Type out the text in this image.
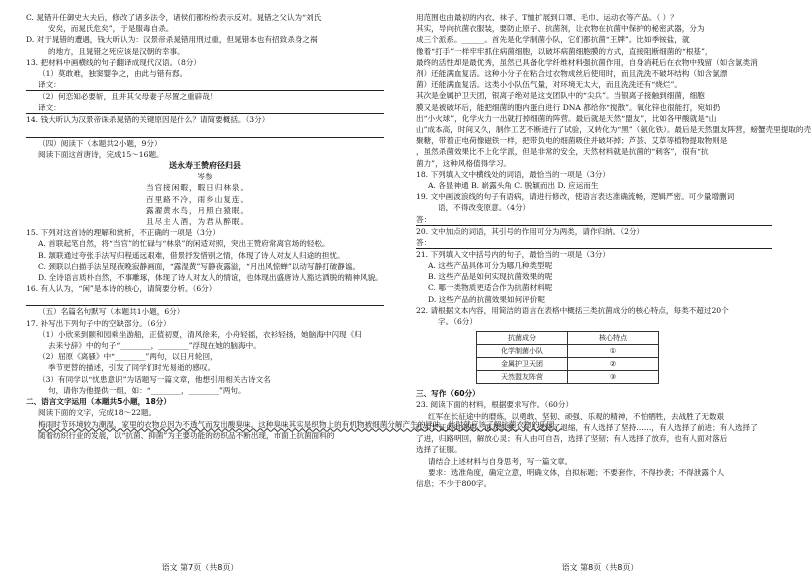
C. 晁错升任御史大夫后，修改了诸多法令，诸侯们都纷纷表示反对。晁错之父认为“刘氏
安矣，而晁氏危矣”，于是服毒自杀。
D. 对于晁错的遭遇，钱大昕认为：汉景帝杀晁错用刑过重，但晁错本也有招致杀身之祸
的地方，且晁错之死应该是汉朝的幸事。
13. 把材料中画横线的句子翻译成现代汉语。（8分）
（1）莫敢难，独窦婴争之，由此与错有郄。
译文：
（2）何恋知必要斩，且并其父母妻子尽置之重辟哉！
译文：
14. 钱大昕认为汉景帝诛杀晁错的关键原因是什么？请简要概括。（3分）
（四）阅读下（本题共2小题，9分）
阅读下面这首唐诗，完成15～16题。
送永寿王赞府径归县
岑参
当官接闲暇，暇日归林泉。
百里路不冷，雨乡山复连。
露濯黄水鸟，月照白猿眠。
且尽主人酒，为君从醉眠。
15. 下列对这首诗的理解和赏析，不正确的一项是（3分）
A. 首联起笔自然，将“当官”的忙碌与“林泉”的闲适对照，突出王赞府常离官场的轻松。
B. 颔联通过夸张手法写归程遥远艰难，借景抒发惜别之情，体现了诗人对友人归途的担忧。
C. 颈联以白描手法呈现夜晚寂静画面，“露湿黄”写静夜露溢，“月出风惊蝉”以动写静打破静谧。
D. 全诗语言质朴自然，不事雕琢，体现了诗人对友人的情谊，也体现出盛唐诗人豁达洒脱的精神风貌。
16. 有人认为，“闲”是本诗的核心，请简要分析。（6分）
（五）名篇名句默写（本题共1小题，6分）
17. 补写出下列句子中的空缺部分。（6分）
（1）小欣来到颐和园乘坐游船，正值初夏，清风徐来，小舟轻摇，衣衫轻扬，她脑海中闪现《归
去来兮辞》中的句子“________，________”浮现在她的脑海中。
（2）屈原《离骚》中“________”两句，以日月轮回，
季节更替的描述，引发了同学们时光易逝的感叹。
（3）有同学以“忧患意识”为话题写一篇文章，他想引用相关古诗文名
句，请你为他提供一组，如：“________，________”两句。
二、语言文字运用（本题共5小题，18分）
阅读下面的文字，完成18～22题。
梅雨时节环境较为潮湿，家里的衣物总因为不透气而发出酸臭味。这种臭味其实是织物上的有机物被细菌分解产生的异味，此时就应该了解抗菌衣物的乐园。
随着纺织行业的发展，以“抗菌、抑菌”为主要功能的纺织品不断出现，市面上抗菌面料的
语文 第7页（共8页）
用范围也由最初的内衣、袜子、T恤扩展到口罩、毛巾、运动衣等产品。（ ）？
其实，导向抗菌衣服装，要防止原子、抗菌剂，让衣物在抗菌中保护的秘密武器，分为
成三个派系。______。首先是化学制菌小队，它们都抗菌“王牌”。比如季铵盐，就
像着“打手”一样牢牢抓住病菌细胞，以破坏病菌细胞膜的方式，直接阻断细菌的“根基”，
最终的活性却是最优秀，虽然已具备化学纤维材料强抗菌作用，自身消耗后在衣物中残留（如含氯类消
剂）还能满血复活。这种小分子在粘合过衣物成丝后使用时，而且洗洗不破坏结构（如含氯漂
菌）还能满血复活。这类小小队伍气量，对环境无太大，而且洗洗还有“烧烂”。
其次是金属护卫天团，银离子绝对是这支团队中的“尖兵”。当银离子接触到细菌，细胞
膜又是被破坏后，能把细菌的胞内蛋白进行 DNA 都给你“搅散”。氧化锌也很能打，宛如扔
出“小火球”，化学火力一出就打掉细菌的阵营。最后就是天然“盟友”，比如各甲酸就是“山
山”成本高，时间又久，制作工艺不断进行了试验，又转化为“黑”（氨化铁）。最后是天然盟友阵营，螃蟹壳里提取的壳
聚糖，带着正电荷像磁铁一样，把带负电的细菌吸住并破坏掉；芦荟、艾草等植物提取物则是
，虽然杀菌效果比不上化学派，但是非常的安全，天然材料就是抗菌的“刺客”，很有“抗
菌力”，这种风格值得学习。
18. 下列填入文中横线处的词语，最恰当的一项是（3分）
A. 各显神通 B. 崭露头角 C. 脱颖而出 D. 应运而生
19. 文中画波浪线的句子有语病，请进行修改，使语言表达准确流畅，逻辑严密。可少量增删词
语，不得改变原意。（4分）
答：
20. 文中加点的词语，其引号的作用可分为两类，请作归纳。（2分）
答：
21. 下列填入文中括号内的句子，最恰当的一项是（3分）
A. 这些产品具体可分为哪几种类型呢
B. 这些产品是如何实现抗菌效果的呢
C. 哪一类物质更适合作为抗菌材料呢
D. 这些产品的抗菌效果如何评价呢
22. 请根据文本内容，用简洁的语言在表格中概括三类抗菌成分的核心特点，每类不超过20个
字。（6分）
抗菌成分	核心特点
化学制菌小队	①
金属护卫天团	②
天然盟友阵营	③
三、写作（60分）
23. 阅读下面的材料，根据要求写作。（60分）
红军在长征途中的磨炼，以勇敢、坚韧、顽强、乐观的精神，不怕牺牲，去战胜了无数艰
红军长征的时间里，面对饥寒，有人选择了退缩，有人选择了坚持……，有人选择了前进；有人选择了
了进，归路明回，解放心灵；有人由可自吾，选择了坚韧；有人选择了放弃，也有人面对落后
选择了征服。
请结合上述材料与自身思考，写一篇文章。
要求：选准角度，确定立意，明确文体，自拟标题；不要套作，不得抄袭；不得泄露个人
信息；不少于800字。
语文 第8页（共8页）
